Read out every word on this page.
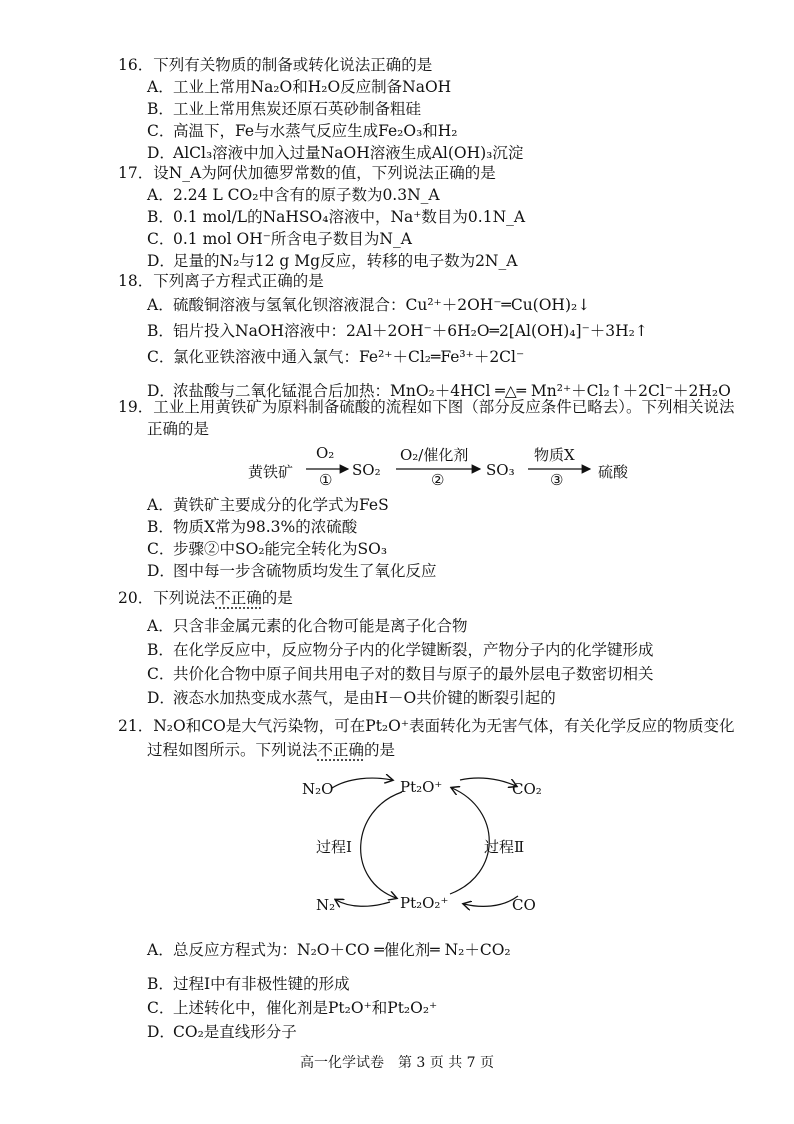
16．下列有关物质的制备或转化说法正确的是
A．工业上常用Na₂O和H₂O反应制备NaOH
B．工业上常用焦炭还原石英砂制备粗硅
C．高温下，Fe与水蒸气反应生成Fe₂O₃和H₂
D．AlCl₃溶液中加入过量NaOH溶液生成Al(OH)₃沉淀
17．设N_A为阿伏加德罗常数的值，下列说法正确的是
A．2.24 L CO₂中含有的原子数为0.3N_A
B．0.1 mol/L的NaHSO₄溶液中，Na⁺数目为0.1N_A
C．0.1 mol OH⁻所含电子数目为N_A
D．足量的N₂与12 g Mg反应，转移的电子数为2N_A
18．下列离子方程式正确的是
A．硫酸铜溶液与氢氧化钡溶液混合：Cu²⁺＋2OH⁻═Cu(OH)₂↓
B．铝片投入NaOH溶液中：2Al＋2OH⁻＋6H₂O═2[Al(OH)₄]⁻＋3H₂↑
C．氯化亚铁溶液中通入氯气：Fe²⁺＋Cl₂═Fe³⁺＋2Cl⁻
D．浓盐酸与二氧化锰混合后加热：MnO₂＋4HCl ═△═ Mn²⁺＋Cl₂↑＋2Cl⁻＋2H₂O
19．工业上用黄铁矿为原料制备硫酸的流程如下图（部分反应条件已略去）。下列相关说法
正确的是
黄铁矿
O₂
①
SO₂
O₂/催化剂
②
SO₃
物质X
③ 硫酸
A．黄铁矿主要成分的化学式为FeS
B．物质X常为98.3%的浓硫酸
C．步骤②中SO₂能完全转化为SO₃
D．图中每一步含硫物质均发生了氧化反应
20．下列说法不正确的是
A．只含非金属元素的化合物可能是离子化合物
B．在化学反应中，反应物分子内的化学键断裂，产物分子内的化学键形成
C．共价化合物中原子间共用电子对的数目与原子的最外层电子数密切相关
D．液态水加热变成水蒸气，是由H－O共价键的断裂引起的
21．N₂O和CO是大气污染物，可在Pt₂O⁺表面转化为无害气体，有关化学反应的物质变化
过程如图所示。下列说法不正确的是
N₂O	Pt₂O⁺	CO₂
过程Ⅰ	过程Ⅱ
N₂	Pt₂O₂⁺	CO
A．总反应方程式为：N₂O＋CO ═催化剂═ N₂＋CO₂
B．过程Ⅰ中有非极性键的形成
C．上述转化中，催化剂是Pt₂O⁺和Pt₂O₂⁺
D．CO₂是直线形分子
高一化学试卷　第 3 页 共 7 页
